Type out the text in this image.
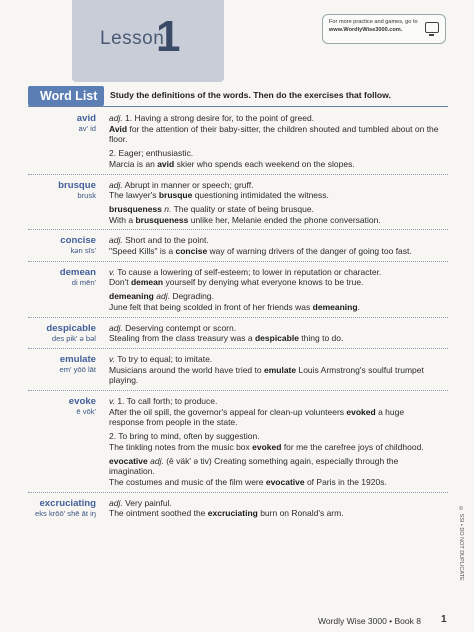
Lesson
1	For more practice and games, go to
www.WordlyWise3000.com.
Word List	Study the definitions of the words. Then do the exercises that follow.
avid
av' id

adj. 1. Having a strong desire for, to the point of greed.

Avid for the attention of their baby-sitter, the children shouted and tumbled about on the floor.

2. Eager; enthusiastic.

Marcia is an avid skier who spends each weekend on the slopes.

brusque
brusk

adj. Abrupt in manner or speech; gruff.

The lawyer's brusque questioning intimidated the witness.

brusqueness n. The quality or state of being brusque.

With a brusqueness unlike her, Melanie ended the phone conversation.

concise
kən sīs'

adj. Short and to the point.

"Speed Kills" is a concise way of warning drivers of the danger of going too fast.

demean
di mēn'

v. To cause a lowering of self-esteem; to lower in reputation or character.

Don't demean yourself by denying what everyone knows to be true.

demeaning adj. Degrading.

June felt that being scolded in front of her friends was demeaning.

despicable
des pik' ə bəl

adj. Deserving contempt or scorn.

Stealing from the class treasury was a despicable thing to do.

emulate
em' yōō lāt

v. To try to equal; to imitate.

Musicians around the world have tried to emulate Louis Armstrong's soulful trumpet playing.

evoke
ē vōk'

v. 1. To call forth; to produce.

After the oil spill, the governor's appeal for clean-up volunteers evoked a huge response from people in the state.

2. To bring to mind, often by suggestion.

The tinkling notes from the music box evoked for me the carefree joys of childhood.

evocative adj. (ē väk' ə tiv) Creating something again, especially through the imagination.

The costumes and music of the film were evocative of Paris in the 1920s.

excruciating
eks krōō' shē āt iŋ

adj. Very painful.

The ointment soothed the excruciating burn on Ronald's arm.

Wordly Wise 3000 • Book 8 1
© SSI • DO NOT DUPLICATE
